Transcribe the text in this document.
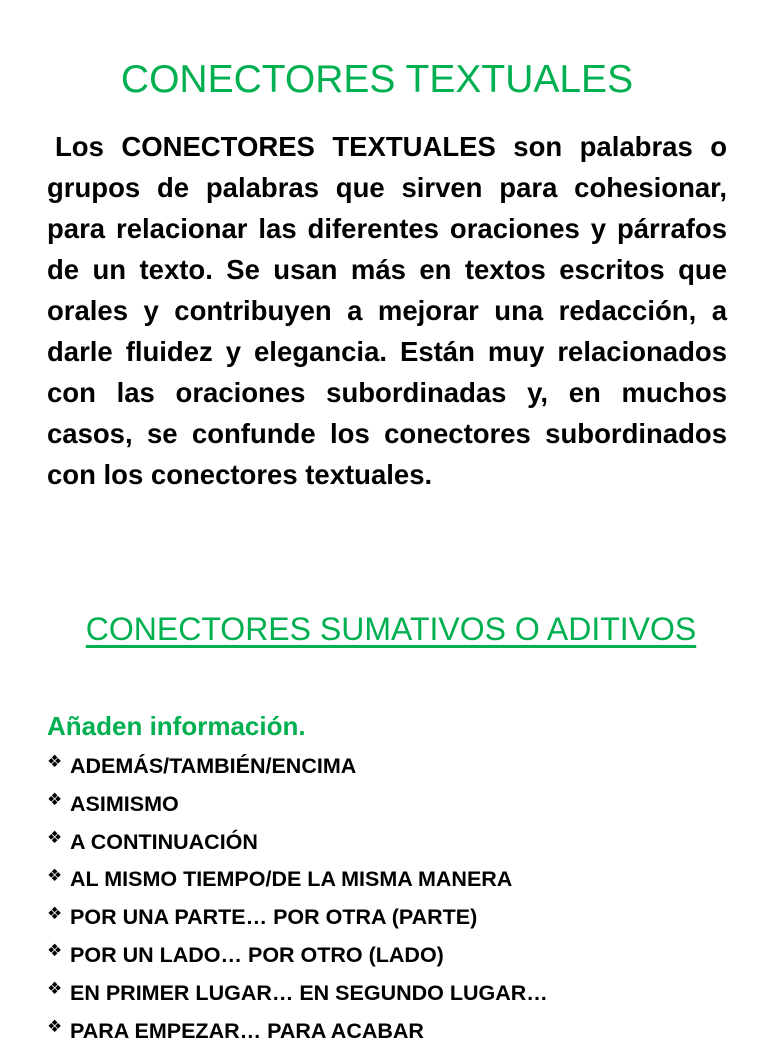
CONECTORES TEXTUALES

Los CONECTORES TEXTUALES son palabras o grupos de palabras que sirven para cohesionar, para relacionar las diferentes oraciones y párrafos de un texto. Se usan más en textos escritos que orales y contribuyen a mejorar una redacción, a darle fluidez y elegancia. Están muy relacionados con las oraciones subordinadas y, en muchos casos, se confunde los conectores subordinados con los conectores textuales.

CONECTORES SUMATIVOS O ADITIVOS

Añaden información.

❖ ADEMÁS/TAMBIÉN/ENCIMA
❖ ASIMISMO
❖ A CONTINUACIÓN
❖ AL MISMO TIEMPO/DE LA MISMA MANERA
❖ POR UNA PARTE… POR OTRA (PARTE)
❖ POR UN LADO… POR OTRO (LADO)
❖ EN PRIMER LUGAR… EN SEGUNDO LUGAR…
❖ PARA EMPEZAR… PARA ACABAR
